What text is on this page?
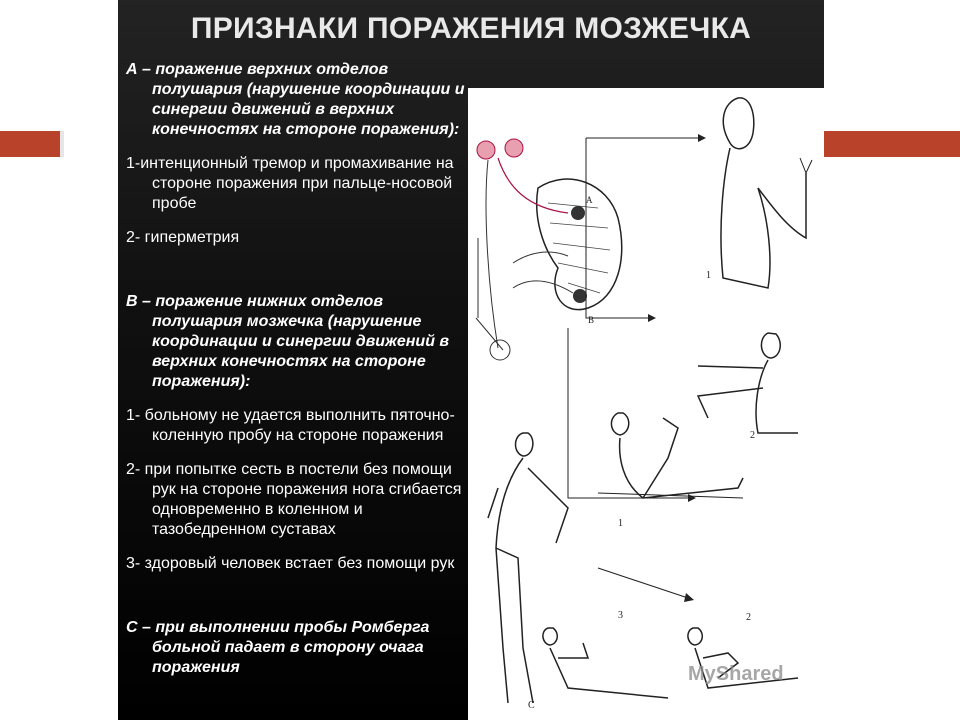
ПРИЗНАКИ ПОРАЖЕНИЯ МОЗЖЕЧКА

А – поражение верхних отделов полушария (нарушение координации и синергии движений в верхних конечностях на стороне поражения):

1-интенционный тремор и промахивание на стороне поражения при пальце-носовой пробе

2- гиперметрия

В – поражение нижних отделов полушария мозжечка (нарушение координации и синергии движений в верхних конечностях на стороне поражения):

1- больному не удается выполнить пяточно-коленную пробу на стороне поражения

2- при попытке сесть в постели без помощи рук на стороне поражения нога сгибается одновременно в коленном и тазобедренном суставах

3- здоровый человек встает без помощи рук

С – при выполнении пробы Ромберга больной падает в сторону очага поражения

А
В
1
2
1
С
3	2
MyShared
